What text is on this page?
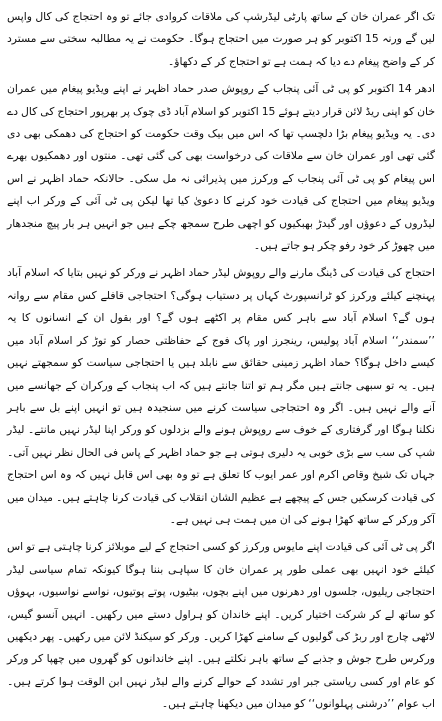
تک اگر عمران خان کے ساتھ پارٹی لیڈرشپ کی ملاقات کروادی جائے تو وہ احتجاج کی کال واپس لیں گے ورنہ 15 اکتوبر کو ہر صورت میں احتجاج ہوگا۔ حکومت نے یہ مطالبہ سختی سے مسترد کر کے واضح پیغام دے دیا کہ ہمت ہے تو احتجاج کر کے دکھاؤ۔

ادھر 14 اکتوبر کو پی ٹی آئی پنجاب کے روپوش صدر حماد اظہر نے اپنے ویڈیو پیغام میں عمران خان کو اپنی ریڈ لائن قرار دیتے ہوئے 15 اکتوبر کو اسلام آباد ڈی چوک پر بھرپور احتجاج کی کال دے دی۔ یہ ویڈیو پیغام بڑا دلچسپ تھا کہ اس میں بیک وقت حکومت کو احتجاج کی دھمکی بھی دی گئی تھی اور عمران خان سے ملاقات کی درخواست بھی کی گئی تھی۔ منتوں اور دھمکیوں بھرے اس پیغام کو پی ٹی آئی پنجاب کے ورکرز میں پذیرائی نہ مل سکی۔ حالانکہ حماد اظہر نے اس ویڈیو پیغام میں احتجاج کی قیادت خود کرنے کا دعویٰ کیا تھا لیکن پی ٹی آئی کے ورکر اب اپنے لیڈروں کے دعوؤں اور گیدڑ بھبکیوں کو اچھی طرح سمجھ چکے ہیں جو انہیں ہر بار پیچ منجدھار میں چھوڑ کر خود رفو چکر ہو جاتے ہیں۔

احتجاج کی قیادت کی ڈینگ مارنے والے روپوش لیڈر حماد اظہر نے ورکر کو نہیں بتایا کہ اسلام آباد پہنچنے کیلئے ورکرز کو ٹرانسپورٹ کہاں پر دستیاب ہوگی؟ احتجاجی قافلے کس مقام سے روانہ ہوں گے؟ اسلام آباد سے باہر کس مقام پر اکٹھے ہوں گے؟ اور بقول ان کے انسانوں کا یہ ’’سمندر‘‘ اسلام آباد پولیس، رینجرز اور پاک فوج کے حفاظتی حصار کو توڑ کر اسلام آباد میں کیسے داخل ہوگا؟ حماد اظہر زمینی حقائق سے نابلد ہیں یا احتجاجی سیاست کو سمجھتے نہیں ہیں۔ یہ تو سبھی جانتے ہیں مگر ہم تو اتنا جانتے ہیں کہ اب پنجاب کے ورکران کے جھانسے میں آنے والے نہیں ہیں۔ اگر وہ احتجاجی سیاست کرنے میں سنجیدہ ہیں تو انہیں اپنے بل سے باہر نکلنا ہوگا اور گرفتاری کے خوف سے روپوش ہونے والے بزدلوں کو ورکر اپنا لیڈر نہیں مانتے۔ لیڈر شپ کی سب سے بڑی خوبی یہ دلیری ہوتی ہے جو حماد اظہر کے پاس فی الحال نظر نہیں آتی۔ جہاں تک شیخ وقاص اکرم اور عمر ایوب کا تعلق ہے تو وہ بھی اس قابل نہیں کہ وہ اس احتجاج کی قیادت کرسکیں جس کے پیچھے ہے عظیم الشان انقلاب کی قیادت کرنا چاہتے ہیں۔ میدان میں آکر ورکر کے ساتھ کھڑا ہونے کی ان میں ہمت ہی نہیں ہے۔

اگر پی ٹی آئی کی قیادت اپنے مایوس ورکرز کو کسی احتجاج کے لیے موبلائز کرنا چاہتی ہے تو اس کیلئے خود انہیں بھی عملی طور پر عمران خان کا سپاہی بننا ہوگا کیونکہ تمام سیاسی لیڈر احتجاجی ریلیوں، جلسوں اور دھرنوں میں اپنے بچوں، بیٹیوں، پوتے پوتیوں، نواسے نواسیوں، بہوؤں کو ساتھ لے کر شرکت اختیار کریں۔ اپنے خاندان کو ہراول دستے میں رکھیں۔ انہیں آنسو گیس، لاٹھی چارج اور ربڑ کی گولیوں کے سامنے کھڑا کریں۔ ورکر کو سیکنڈ لائن میں رکھیں۔ پھر دیکھیں ورکرس طرح جوش و جذبے کے ساتھ باہر نکلتے ہیں۔ اپنے خاندانوں کو گھروں میں چھپا کر ورکر کو عام اور کسی ریاستی جبر اور تشدد کے حوالے کرنے والے لیڈر نہیں ابن الوقت ہوا کرتے ہیں۔ اب عوام ’’درشنی پہلوانوں‘‘ کو میدان میں دیکھنا چاہتے ہیں۔
